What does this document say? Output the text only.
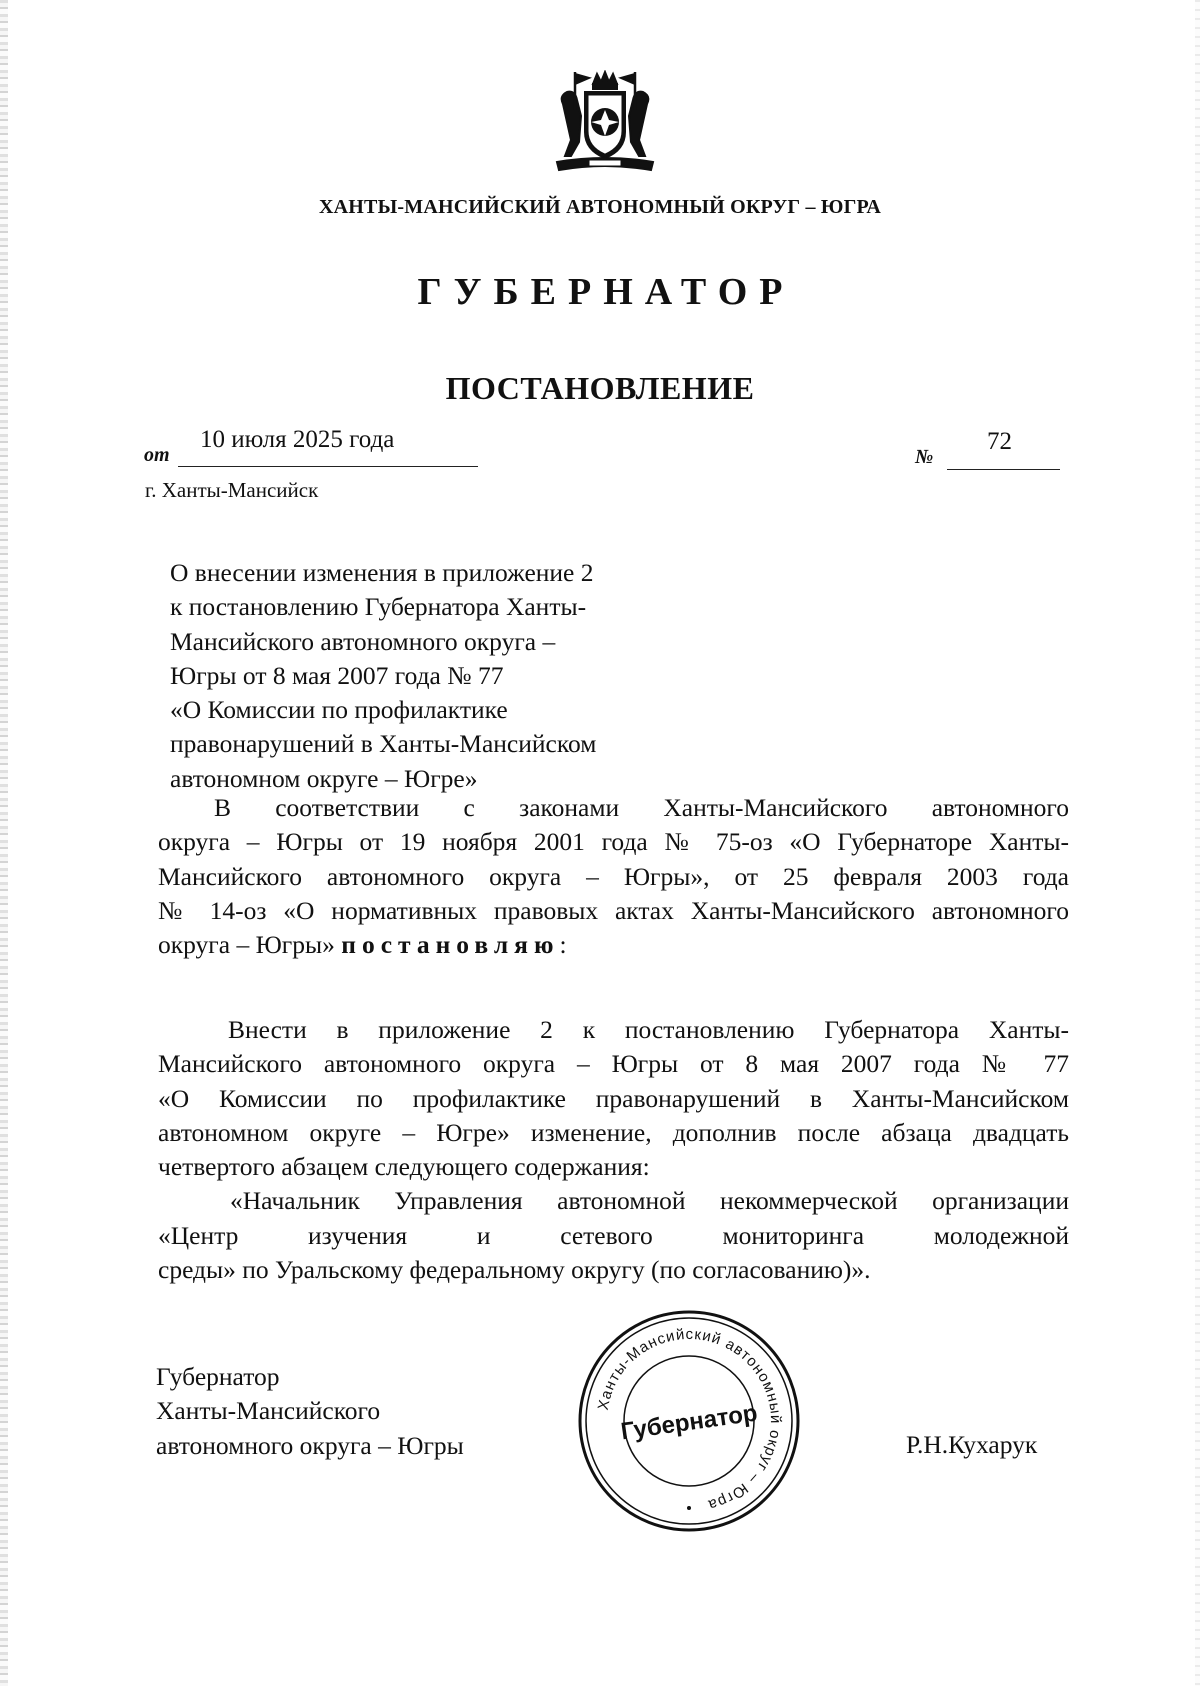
ХАНТЫ-МАНСИЙСКИЙ АВТОНОМНЫЙ ОКРУГ – ЮГРА
ГУБЕРНАТОР
ПОСТАНОВЛЕНИЕ
от
10 июля 2025 года
№
72
г. Ханты-Мансийск
О внесении изменения в приложение 2
к постановлению Губернатора Ханты-
Мансийского автономного округа –
Югры от 8 мая 2007 года № 77
«О Комиссии по профилактике
правонарушений в Ханты-Мансийском
автономном округе – Югре»
В соответствии с законами Ханты-Мансийского автономного
округа – Югры от 19 ноября 2001 года № 75-оз «О Губернаторе Ханты-
Мансийского автономного округа – Югры», от 25 февраля 2003 года
№ 14-оз «О нормативных правовых актах Ханты-Мансийского автономного
округа – Югры» постановляю:
Внести в приложение 2 к постановлению Губернатора Ханты-
Мансийского автономного округа – Югры от 8 мая 2007 года № 77
«О Комиссии по профилактике правонарушений в Ханты-Мансийском
автономном округе – Югре» изменение, дополнив после абзаца двадцать
четвертого абзацем следующего содержания:
«Начальник Управления автономной некоммерческой организации
«Центр изучения и сетевого мониторинга молодежной
среды» по Уральскому федеральному округу (по согласованию)».
Губернатор
Ханты-Мансийского
автономного округа – Югры
Ханты-Мансийский автономный округ – Югра
Губернатор	Р.Н.Кухарук
